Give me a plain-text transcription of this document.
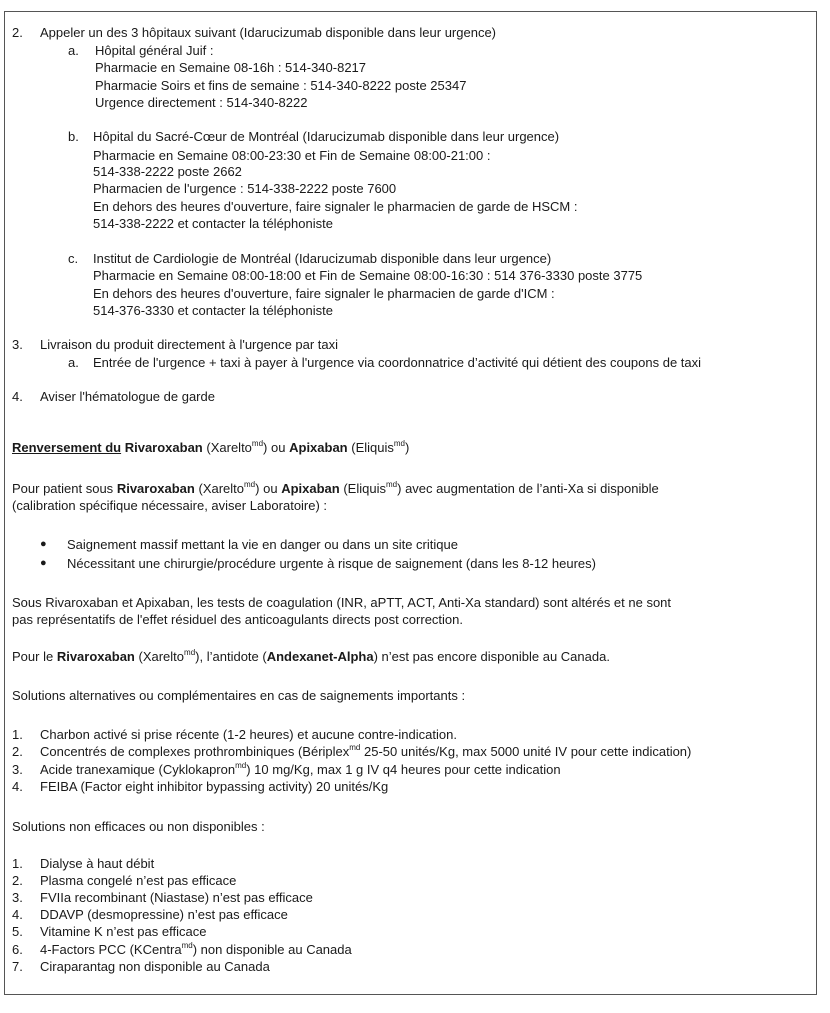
2. Appeler un des 3 hôpitaux suivant (Idarucizumab disponible dans leur urgence)
a. Hôpital général Juif :
Pharmacie en Semaine 08-16h : 514-340-8217
Pharmacie Soirs et fins de semaine : 514-340-8222 poste 25347
Urgence directement : 514-340-8222
b. Hôpital du Sacré-Cœur de Montréal (Idarucizumab disponible dans leur urgence)
Pharmacie en Semaine 08:00-23:30 et Fin de Semaine 08:00-21:00 :
514-338-2222 poste 2662
Pharmacien de l'urgence : 514-338-2222 poste 7600
En dehors des heures d'ouverture, faire signaler le pharmacien de garde de HSCM :
514-338-2222 et contacter la téléphoniste
c. Institut de Cardiologie de Montréal (Idarucizumab disponible dans leur urgence)
Pharmacie en Semaine 08:00-18:00 et Fin de Semaine 08:00-16:30 : 514 376-3330 poste 3775
En dehors des heures d'ouverture, faire signaler le pharmacien de garde d'ICM :
514-376-3330 et contacter la téléphoniste
3. Livraison du produit directement à l'urgence par taxi
a. Entrée de l'urgence + taxi à payer à l'urgence via coordonnatrice d’activité qui détient des coupons de taxi
4. Aviser l'hématologue de garde
Renversement du Rivaroxaban (Xarelto$^{md}$) ou Apixaban (Eliquis$^{md}$)
Pour patient sous Rivaroxaban (Xarelto$^{md}$) ou Apixaban (Eliquis$^{md}$) avec augmentation de l’anti-Xa si disponible
(calibration spécifique nécessaire, aviser Laboratoire) :
● Saignement massif mettant la vie en danger ou dans un site critique
● Nécessitant une chirurgie/procédure urgente à risque de saignement (dans les 8-12 heures)
Sous Rivaroxaban et Apixaban, les tests de coagulation (INR, aPTT, ACT, Anti-Xa standard) sont altérés et ne sont
pas représentatifs de l'effet résiduel des anticoagulants directs post correction.
Pour le Rivaroxaban (Xarelto$^{md}$), l’antidote (Andexanet-Alpha) n’est pas encore disponible au Canada.
Solutions alternatives ou complémentaires en cas de saignements importants :
1. Charbon activé si prise récente (1-2 heures) et aucune contre-indication.
2. Concentrés de complexes prothrombiniques (Bériplex$^{md}$ 25-50 unités/Kg, max 5000 unité IV pour cette indication)
3. Acide tranexamique (Cyklokapron$^{md}$) 10 mg/Kg, max 1 g IV q4 heures pour cette indication
4. FEIBA (Factor eight inhibitor bypassing activity) 20 unités/Kg
Solutions non efficaces ou non disponibles :
1. Dialyse à haut débit
2. Plasma congelé n’est pas efficace
3. FVIIa recombinant (Niastase) n’est pas efficace
4. DDAVP (desmopressine) n’est pas efficace
5. Vitamine K n’est pas efficace
6. 4-Factors PCC (KCentra$^{md}$) non disponible au Canada
7. Ciraparantag non disponible au Canada
